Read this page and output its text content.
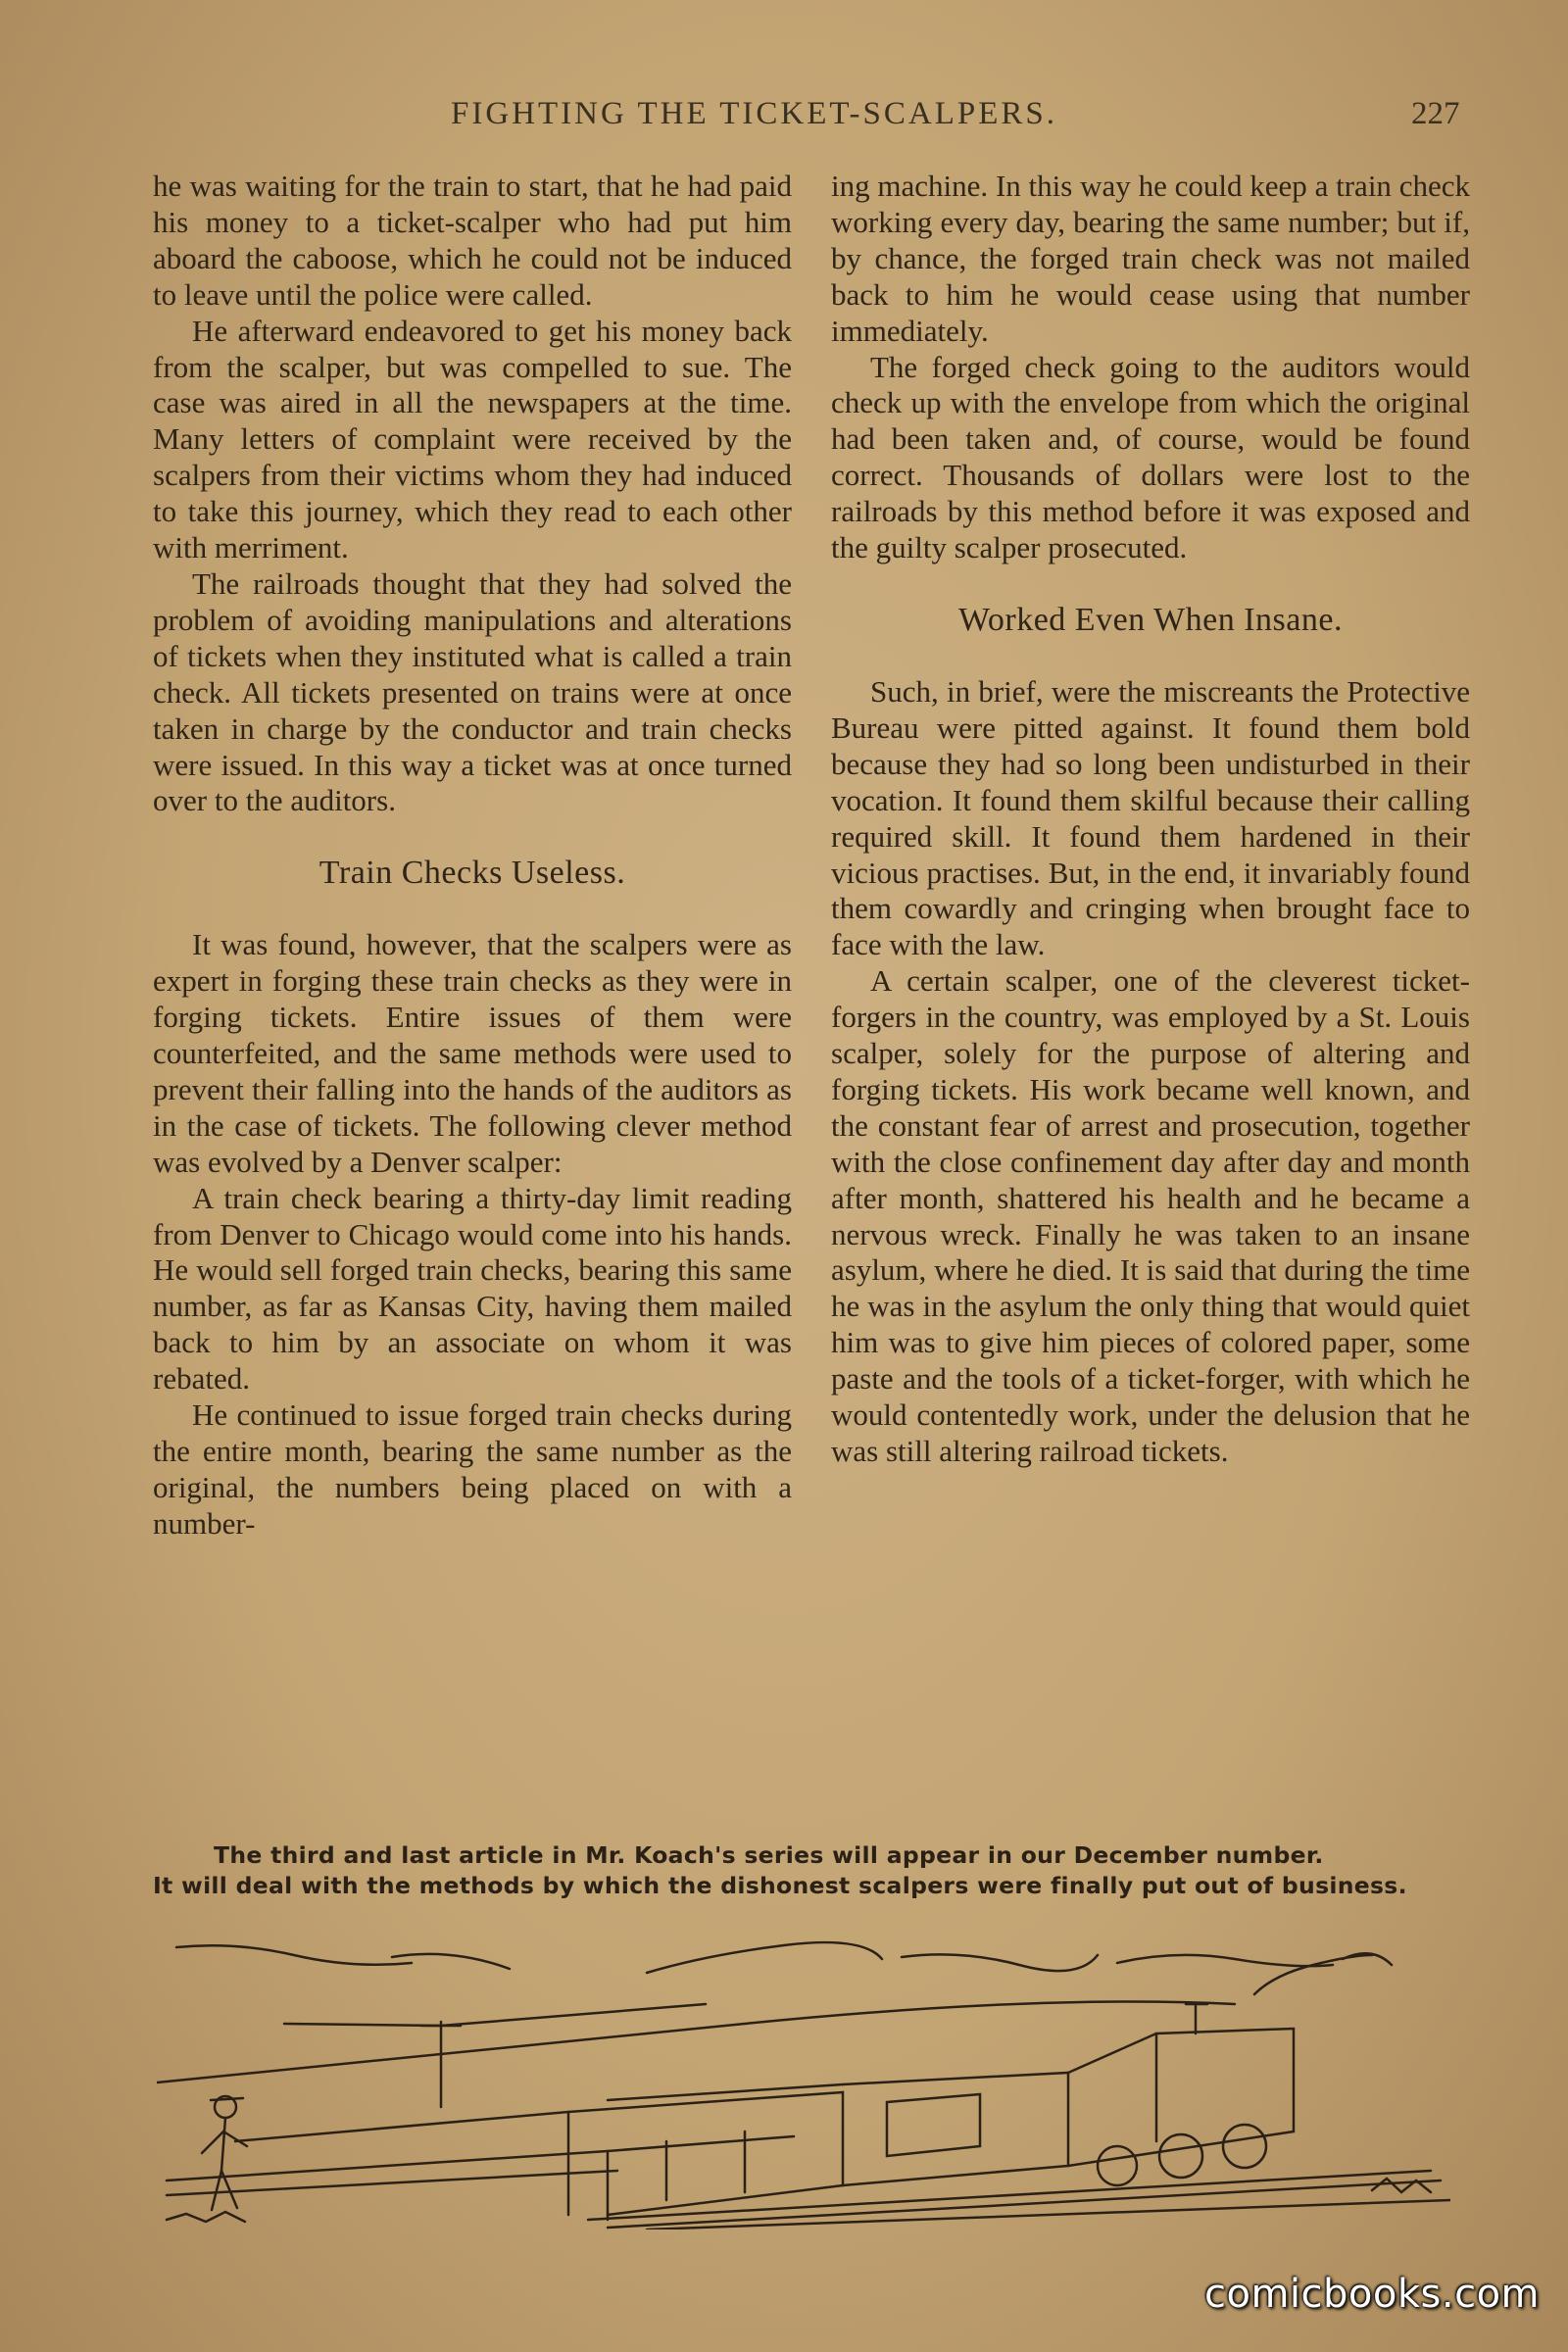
FIGHTING THE TICKET-SCALPERS.	227

he was waiting for the train to start, that he had paid his money to a ticket-scalper who had put him aboard the caboose, which he could not be induced to leave until the police were called.

He afterward endeavored to get his money back from the scalper, but was compelled to sue. The case was aired in all the newspapers at the time. Many letters of complaint were received by the scalpers from their victims whom they had induced to take this journey, which they read to each other with merriment.

The railroads thought that they had solved the problem of avoiding manipulations and alterations of tickets when they instituted what is called a train check. All tickets presented on trains were at once taken in charge by the conductor and train checks were issued. In this way a ticket was at once turned over to the auditors.

Train Checks Useless.

It was found, however, that the scalpers were as expert in forging these train checks as they were in forging tickets. Entire issues of them were counterfeited, and the same methods were used to prevent their falling into the hands of the auditors as in the case of tickets. The following clever method was evolved by a Denver scalper:

A train check bearing a thirty-day limit reading from Denver to Chicago would come into his hands. He would sell forged train checks, bearing this same number, as far as Kansas City, having them mailed back to him by an associate on whom it was rebated.

He continued to issue forged train checks during the entire month, bearing the same number as the original, the numbers being placed on with a number-

ing machine. In this way he could keep a train check working every day, bearing the same number; but if, by chance, the forged train check was not mailed back to him he would cease using that number immediately.

The forged check going to the auditors would check up with the envelope from which the original had been taken and, of course, would be found correct. Thousands of dollars were lost to the railroads by this method before it was exposed and the guilty scalper prosecuted.

Worked Even When Insane.

Such, in brief, were the miscreants the Protective Bureau were pitted against. It found them bold because they had so long been undisturbed in their vocation. It found them skilful because their calling required skill. It found them hardened in their vicious practises. But, in the end, it invariably found them cowardly and cringing when brought face to face with the law.

A certain scalper, one of the cleverest ticket-forgers in the country, was employed by a St. Louis scalper, solely for the purpose of altering and forging tickets. His work became well known, and the constant fear of arrest and prosecution, together with the close confinement day after day and month after month, shattered his health and he became a nervous wreck. Finally he was taken to an insane asylum, where he died. It is said that during the time he was in the asylum the only thing that would quiet him was to give him pieces of colored paper, some paste and the tools of a ticket-forger, with which he would contentedly work, under the delusion that he was still altering railroad tickets.

The third and last article in Mr. Koach's series will appear in our December number.
It will deal with the methods by which the dishonest scalpers were finally put out of business.
comicbooks.com
